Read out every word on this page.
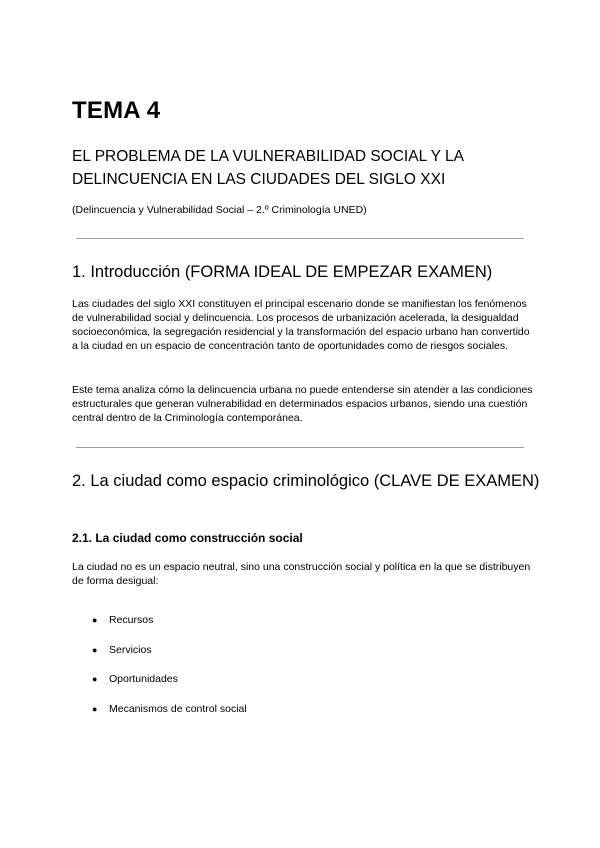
TEMA 4
EL PROBLEMA DE LA VULNERABILIDAD SOCIAL Y LA DELINCUENCIA EN LAS CIUDADES DEL SIGLO XXI

(Delincuencia y Vulnerabilidad Social – 2.º Criminología UNED)

1. Introducción (FORMA IDEAL DE EMPEZAR EXAMEN)

Las ciudades del siglo XXI constituyen el principal escenario donde se manifiestan los fenómenos de vulnerabilidad social y delincuencia. Los procesos de urbanización acelerada, la desigualdad socioeconómica, la segregación residencial y la transformación del espacio urbano han convertido a la ciudad en un espacio de concentración tanto de oportunidades como de riesgos sociales.

Este tema analiza cómo la delincuencia urbana no puede entenderse sin atender a las condiciones estructurales que generan vulnerabilidad en determinados espacios urbanos, siendo una cuestión central dentro de la Criminología contemporánea.

2. La ciudad como espacio criminológico (CLAVE DE EXAMEN)
2.1. La ciudad como construcción social

La ciudad no es un espacio neutral, sino una construcción social y política en la que se distribuyen de forma desigual:

● Recursos
● Servicios
● Oportunidades
● Mecanismos de control social
